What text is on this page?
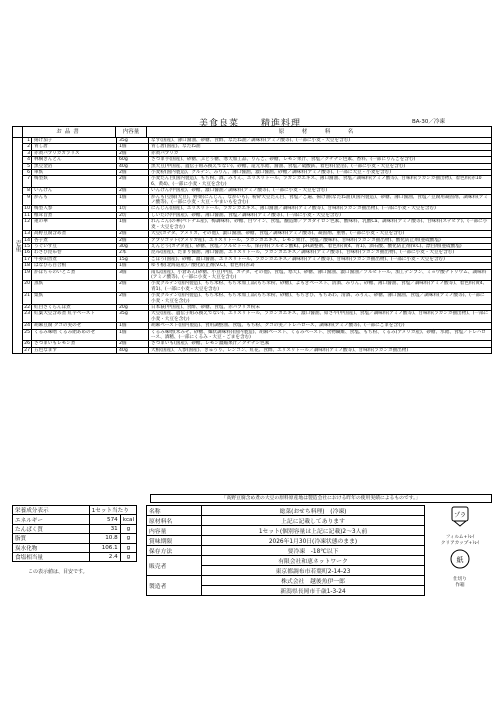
美食良菜 精進料理	BA-30／冷凍
お品書	内容量	原　材　料　名
壱重
1 揚げ茄子	35g	なす(国産)、薄口醤油、砂糖、食酢、なたね油／調味料(アミノ酸等)、(一部に小麦・大豆を含む)
2 青し唐	1個	青し唐(国産)、なたね油
3 赤黄パプリカカラリス	2個	赤黄パプリカ
4 林檎きんとん	60g	さつま芋(国産)、砂糖、ぶどう糖、寒天加工品、りんご、砂糖、レモン果汁、食塩／クチナシ色素、香料、(一部にりんごを含む)
5 黒豆金箔	40g	黒大豆(中国産、遺伝子組み換えでない)、砂糖、還元水飴、醤油、食塩／硫酸鉄、着色料(金箔)、(一部に小麦・大豆を含む)
6 車麩	2個	小麦粉(国内製造)、グルテン、みりん、薄口醤油、濃口醤油、砂糖／調味料(アミノ酸等)、(一部に大豆・小麦を含む)
7 梅型麩	2個	小麦たん白(国内製造)、もち粉、酒、みりん、エリスリトール、ラカンカエキス、薄口醤油、食塩／調味料(アミノ酸等)、甘味料(ラカンカ抽出物)、着色料(赤106、黄4)、(一部に小麦・大豆を含む)
8 いんげん	2個	いんげん(中国産)、砂糖、濃口醤油／調味料(アミノ酸等)、(一部に小麦・大豆を含む)
9 がんも	1個	がんも(豆腐(大豆)、野菜(にんじん、ながいも)、粉砕大豆たん白、食塩／ご遍、揚げ油(なたね油))(国内製造)、砂糖、薄口醤油、食塩／豆腐用凝固剤、調味料(アミノ酸等)、(一部に小麦・大豆・やまいもを含む)
10 梅型人参	1切	にんじん(国産)、エリスリトール、ラカンカエキス、薄口醤油／調味料(アミノ酸等)、甘味料(ラカンカ抽出物)、(一部に小麦・大豆を含む)
11 椎茸旨煮	2切	しいたけ(中国産)、砂糖、薄口醤油、食塩／調味料(アミノ酸等)、(一部に小麦・大豆を含む)
12 蓮の華	1個	れんこん(の華(ベトナム産)、梅調味料、砂糖、白ワイン、食塩、醸造酢／アカダイロン色素、酸味料、乳酸Ca、調味料(アミノ酸等)、甘味料(ステビア)、(一部に小麦・大豆を含む)
13 高野豆腐含め煮	2個	大豆(カナダ、アメリカ、その他)、濃口醤油、砂糖、食塩／調味料(アミノ酸等)、凝固剤、重曹、(一部に小麦・大豆を含む)
14 杏子煮	2個	アプリコット(アメリカ産)、エリスリトール、ラカンカエキス、レモン果汁、食塩／酸味料、甘味料(ラカンカ抽出物)、酸化防止剤(亜硫酸塩)
15 うぐいす豆	30g	えんどう(カナダ産)、砂糖、食塩／ソルビトール、保存料(ソルビン酸K)、pH調整剤、着色料(黄4、青1)、酒石酸、酸化防止剤(V.C)、漂白剤(亜硫酸塩)
16 わさび昆布巻	2本	昆布(国産)、たまり醤油、薄口醤油、エリスリトール、ラカンカエキス／調味料(アミノ酸等)、甘味料(ラカンカ抽出物)、(一部に小麦・大豆を含む)
17 牛蒡田舎煮	15g	ごぼう(国産)、砂糖、濃口醤油、エリスリトール、ラカンカエキス／調味料(アミノ酸等)、甘味料(ラカンカ抽出物)、(一部に小麦・大豆を含む)
18 はなびら百合根	1個	ゆり根(北海道産)／酸化防止剤(V.C)、着色料(赤3)
19 かぼちゃのいとこ煮	3個	南瓜(国産)、小倉あん(砂糖、小豆(中国、カナダ、その他)、食塩、寒天)、砂糖、薄口醤油、濃口醤油／ソルビトール、加工デンプン、ミョウ酸ナトリウム、調味料(アミノ酸等)、(一部に小麦・大豆を含む)
20 蒸麩	2個	小麦グルテン(国内製造)、もち米粉、もち米加工品(もち米粉、砂糖)、よもぎペースト、清酒、みりん、砂糖、薄口醤油、食塩／調味料(アミノ酸等)、着色料(黄4、青1)、(一部に小麦・大豆を含む)
21 粟麩	2個	小麦グルテン(国内製造)、もち米粉、もち米加工品(もち米粉、砂糖)、もちきび、もちあわ、清酒、みりん、砂糖、薄口醤油、食塩／調味料(アミノ酸等)、(一部に小麦・大豆を含む)
22 紅白さくらんぼ煮	20g	日本萩(中国産)、食酢、砂糖、食塩、赤パプリカ粉末
23 紅葉大豆含め煮 紅芋ペースト	35g	大豆(国産、遺伝子組み換えでない)、エリスリトール、ラカンカエキス、濃口醤油、紹さや(中国産)、食塩／調味料(アミノ酸等)、甘味料(ラカンカ抽出物)、(一部に小麦・大豆を含む)
24 胡麻豆腐 クコの実のせ	1個	胡麻ペースト(国内製造)、食用調整油、食塩、もち粉、クコの実／トレハロース、調味料(アミノ酸等)、(一部にごまを含む)
25 くるみ味噌 くるみ飴あめのせ	1個	くるみ味噌(米みそ、砂糖、麺状調味料)(国内製造)、胡麻ペースト、くるみペースト、食物繊維、食塩、もち粉、くるみ(アメリカ産)、砂糖、水飴、食塩／トレハロース、酒精、(一部にくるみ・大豆・ごまを含む)
26 さつまいもレモン煮	2個	さつまいも(国産)、砂糖、レモン濃縮果汁／クチナシ色素
27 五色なます	40g	大根(国産)、人参(国産)、きゅうり、レンコン、紅花、食酢、エリスリトール／調味料(アミノ酸等)、甘味料(ラカンカ抽出物)
「高野豆腐含め煮の大豆の原料原産地は製造会社における昨年の使用実績によるものです。」
栄養成分表示	1セット当たり	
エネルギー	574	kcal
たんぱく質	31	g
脂質	10.8	g
炭水化物	106.1	g
食塩相当量	2.4	g
この表示値は、目安です。
名称	総菜(おせち料理)　(冷凍)
原材料名	上記に記載してあります
内容量	1セット(個別容量は上記に記載)2～3人前
賞味期限	2026年1月30日(冷凍状態のまま)
保存方法	要冷凍　-18℃以下
販売者	有限会社和恵ネットワーク
	東京都調布市若葉町2-14-23
製造者	株式会社　越後魚伊一郎
	新潟県長岡市千歳1-3-24
プラ
フィルム+ﾄﾚｲ
クリアカップ+ﾄﾚｲ
紙
仕切り
作箱
